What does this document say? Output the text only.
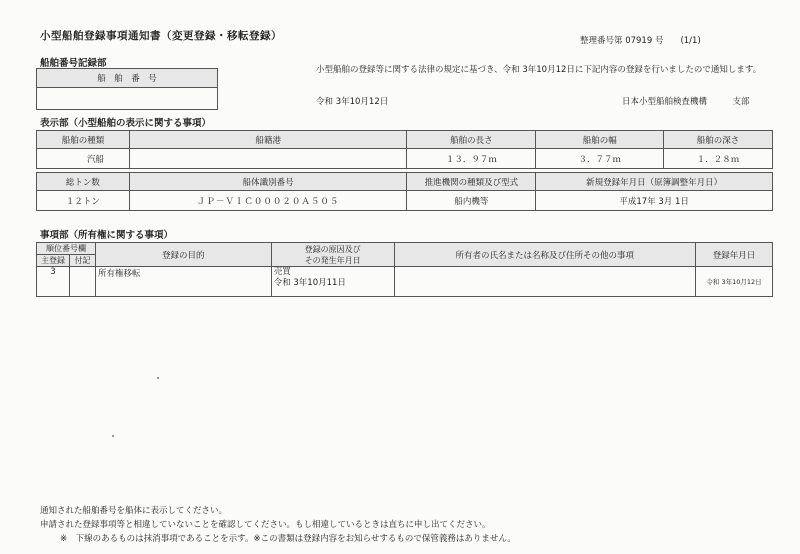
小型船舶登録事項通知書（変更登録・移転登録）	整理番号第 07919 号　　(1/1)
船舶番号記録部
船　舶　番　号

小型船舶の登録等に関する法律の規定に基づき、令和 3年10月12日に下記内容の登録を行いましたので通知します。
令和 3年10月12日	日本小型船舶検査機構　　　支部
表示部（小型船舶の表示に関する事項）
船舶の種類	船籍港	船舶の長さ	船舶の幅	船舶の深さ
汽船		１３．９７ｍ	３．７７ｍ	１．２８ｍ
総トン数	船体識別番号	推進機関の種類及び型式	新規登録年月日（原簿調整年月日）
１２トン	ＪＰ－ＶＩＣ０００２０Ａ５０５	船内機等	平成17年 3月 1日
事項部（所有権に関する事項）
順位番号欄		登録の目的	登録の原因及び
その発生年月日	所有者の氏名または名称及び住所その他の事項	登録年月日
主登録	付記				
3		所有権移転	売買
令和 3年10月11日		令和 3年10月12日
通知された船舶番号を船体に表示してください。
申請された登録事項等と相違していないことを確認してください。もし相違しているときは直ちに申し出てください。
※　下線のあるものは抹消事項であることを示す。※この書類は登録内容をお知らせするもので保管義務はありません。
